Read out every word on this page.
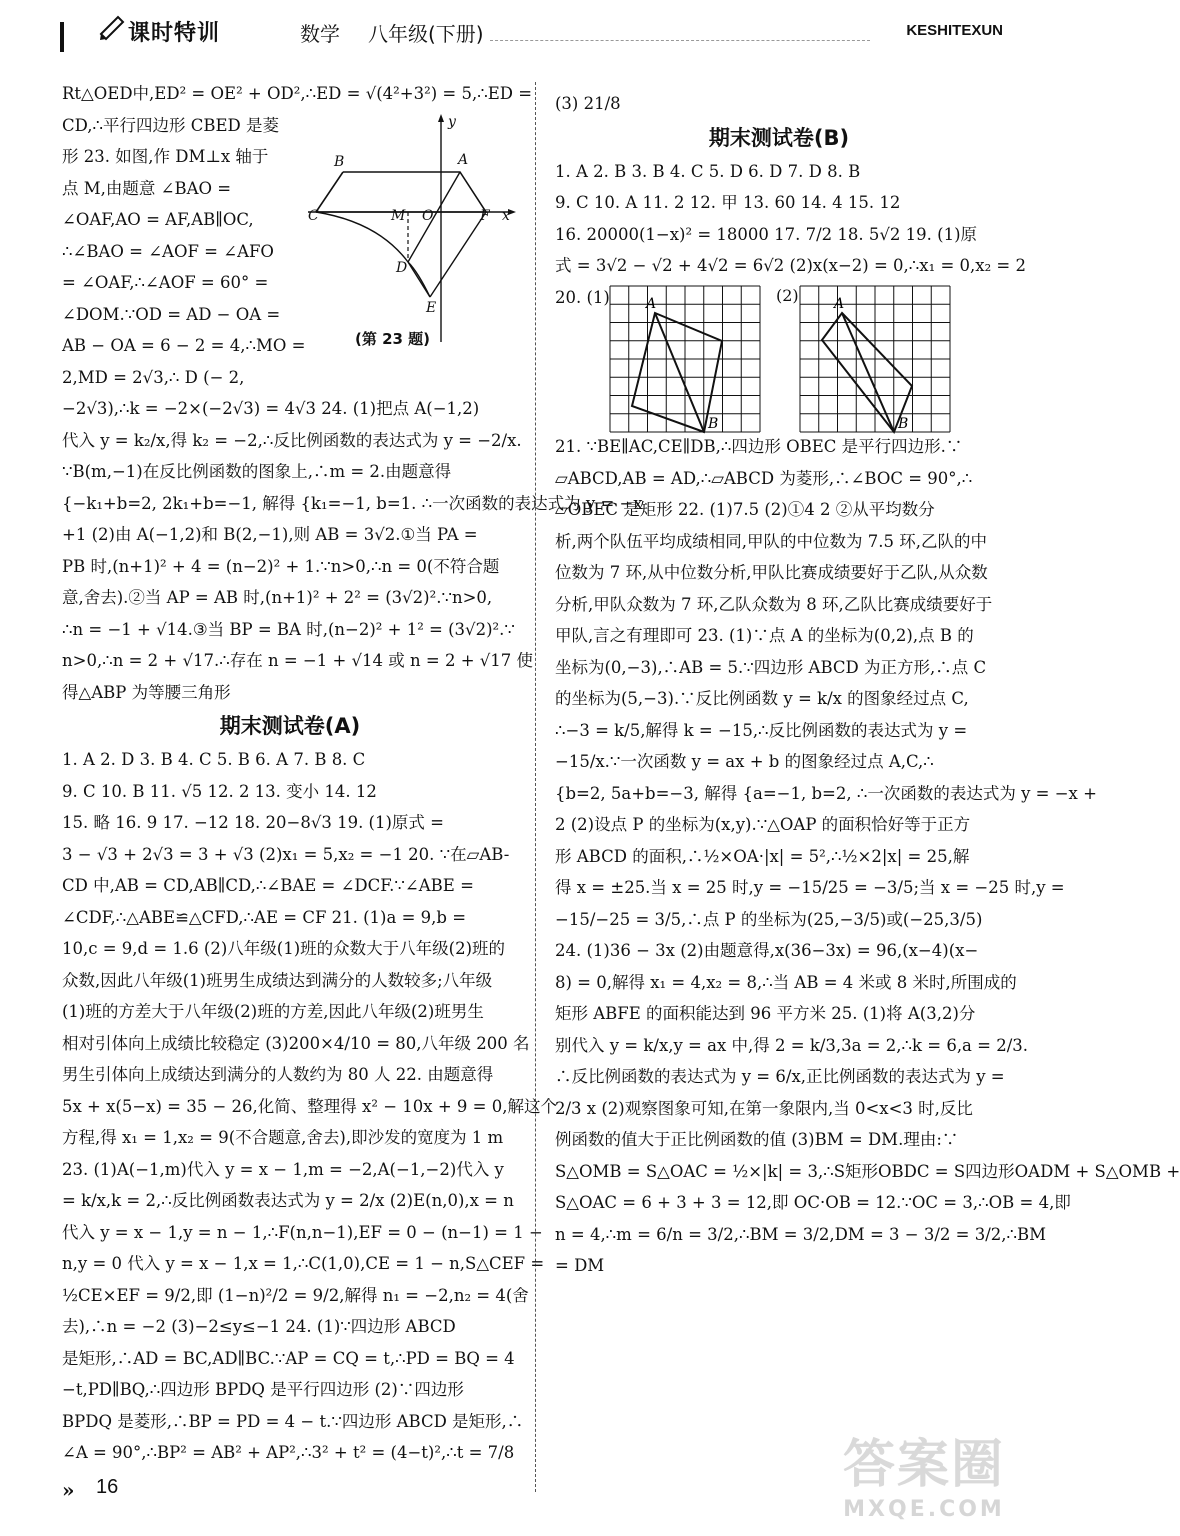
课时特训	数学 八年级(下册)	KESHITEXUN
Rt△OED中,ED² = OE² + OD²,∴ED = √(4²+3²) = 5,∴ED =
CD,∴平行四边形 CBED 是菱
形 23. 如图,作 DM⊥x 轴于
点 M,由题意 ∠BAO =
∠OAF,AO = AF,AB∥OC,
∴∠BAO = ∠AOF = ∠AFO
= ∠OAF,∴∠AOF = 60° =
∠DOM.∵OD = AD − OA =
AB − OA = 6 − 2 = 4,∴MO =
2,MD = 2√3,∴ D (− 2,
−2√3),∴k = −2×(−2√3) = 4√3 24. (1)把点 A(−1,2)
代入 y = k₂/x,得 k₂ = −2,∴反比例函数的表达式为 y = −2/x.
∵B(m,−1)在反比例函数的图象上,∴m = 2.由题意得
{−k₁+b=2, 2k₁+b=−1, 解得 {k₁=−1, b=1. ∴一次函数的表达式为 y = −x
+1 (2)由 A(−1,2)和 B(2,−1),则 AB = 3√2.①当 PA =
PB 时,(n+1)² + 4 = (n−2)² + 1.∵n>0,∴n = 0(不符合题
意,舍去).②当 AP = AB 时,(n+1)² + 2² = (3√2)².∵n>0,
∴n = −1 + √14.③当 BP = BA 时,(n−2)² + 1² = (3√2)².∵
n>0,∴n = 2 + √17.∴存在 n = −1 + √14 或 n = 2 + √17 使
得△ABP 为等腰三角形
期末测试卷(A)
1. A 2. D 3. B 4. C 5. B 6. A 7. B 8. C
9. C 10. B 11. √5 12. 2 13. 变小 14. 12
15. 略 16. 9 17. −12 18. 20−8√3 19. (1)原式 =
3 − √3 + 2√3 = 3 + √3 (2)x₁ = 5,x₂ = −1 20. ∵在▱AB-
CD 中,AB = CD,AB∥CD,∴∠BAE = ∠DCF.∵∠ABE =
∠CDF,∴△ABE≌△CFD,∴AE = CF 21. (1)a = 9,b =
10,c = 9,d = 1.6 (2)八年级(1)班的众数大于八年级(2)班的
众数,因此八年级(1)班男生成绩达到满分的人数较多;八年级
(1)班的方差大于八年级(2)班的方差,因此八年级(2)班男生
相对引体向上成绩比较稳定 (3)200×4/10 = 80,八年级 200 名
男生引体向上成绩达到满分的人数约为 80 人 22. 由题意得
5x + x(5−x) = 35 − 26,化简、整理得 x² − 10x + 9 = 0,解这个
方程,得 x₁ = 1,x₂ = 9(不合题意,舍去),即沙发的宽度为 1 m
23. (1)A(−1,m)代入 y = x − 1,m = −2,A(−1,−2)代入 y
= k/x,k = 2,∴反比例函数表达式为 y = 2/x (2)E(n,0),x = n
代入 y = x − 1,y = n − 1,∴F(n,n−1),EF = 0 − (n−1) = 1 −
n,y = 0 代入 y = x − 1,x = 1,∴C(1,0),CE = 1 − n,S△CEF =
½CE×EF = 9/2,即 (1−n)²/2 = 9/2,解得 n₁ = −2,n₂ = 4(舍
去),∴n = −2 (3)−2≤y≤−1 24. (1)∵四边形 ABCD
是矩形,∴AD = BC,AD∥BC.∵AP = CQ = t,∴PD = BQ = 4
−t,PD∥BQ,∴四边形 BPDQ 是平行四边形 (2)∵四边形
BPDQ 是菱形,∴BP = PD = 4 − t.∵四边形 ABCD 是矩形,∴
∠A = 90°,∴BP² = AB² + AP²,∴3² + t² = (4−t)²,∴t = 7/8
y
B	A
C	M O	F x
D
E
(第 23 题)
(3) 21/8
期末测试卷(B)
1. A 2. B 3. B 4. C 5. D 6. D 7. D 8. B
9. C 10. A 11. 2 12. 甲 13. 60 14. 4 15. 12
16. 20000(1−x)² = 18000 17. 7/2 18. 5√2 19. (1)原
式 = 3√2 − √2 + 4√2 = 6√2 (2)x(x−2) = 0,∴x₁ = 0,x₂ = 2
20. (1)
21. ∵BE∥AC,CE∥DB,∴四边形 OBEC 是平行四边形.∵
▱ABCD,AB = AD,∴▱ABCD 为菱形,∴∠BOC = 90°,∴
▱OBEC 是矩形 22. (1)7.5 (2)①4 2 ②从平均数分
析,两个队伍平均成绩相同,甲队的中位数为 7.5 环,乙队的中
位数为 7 环,从中位数分析,甲队比赛成绩要好于乙队,从众数
分析,甲队众数为 7 环,乙队众数为 8 环,乙队比赛成绩要好于
甲队,言之有理即可 23. (1)∵点 A 的坐标为(0,2),点 B 的
坐标为(0,−3),∴AB = 5.∵四边形 ABCD 为正方形,∴点 C
的坐标为(5,−3).∵反比例函数 y = k/x 的图象经过点 C,
∴−3 = k/5,解得 k = −15,∴反比例函数的表达式为 y =
−15/x.∵一次函数 y = ax + b 的图象经过点 A,C,∴
{b=2, 5a+b=−3, 解得 {a=−1, b=2, ∴一次函数的表达式为 y = −x +
2 (2)设点 P 的坐标为(x,y).∵△OAP 的面积恰好等于正方
形 ABCD 的面积,∴½×OA·|x| = 5²,∴½×2|x| = 25,解
得 x = ±25.当 x = 25 时,y = −15/25 = −3/5;当 x = −25 时,y =
−15/−25 = 3/5,∴点 P 的坐标为(25,−3/5)或(−25,3/5)
24. (1)36 − 3x (2)由题意得,x(36−3x) = 96,(x−4)(x−
8) = 0,解得 x₁ = 4,x₂ = 8,∴当 AB = 4 米或 8 米时,所围成的
矩形 ABFE 的面积能达到 96 平方米 25. (1)将 A(3,2)分
别代入 y = k/x,y = ax 中,得 2 = k/3,3a = 2,∴k = 6,a = 2/3.
∴反比例函数的表达式为 y = 6/x,正比例函数的表达式为 y =
2/3 x (2)观察图象可知,在第一象限内,当 0<x<3 时,反比
例函数的值大于正比例函数的值 (3)BM = DM.理由:∵
S△OMB = S△OAC = ½×|k| = 3,∴S矩形OBDC = S四边形OADM + S△OMB +
S△OAC = 6 + 3 + 3 = 12,即 OC·OB = 12.∵OC = 3,∴OB = 4,即
n = 4,∴m = 6/n = 3/2,∴BM = 3/2,DM = 3 − 3/2 = 3/2,∴BM
= DM
A
B
(2)	A
B
» 16	答案圈
MXQE.COM
